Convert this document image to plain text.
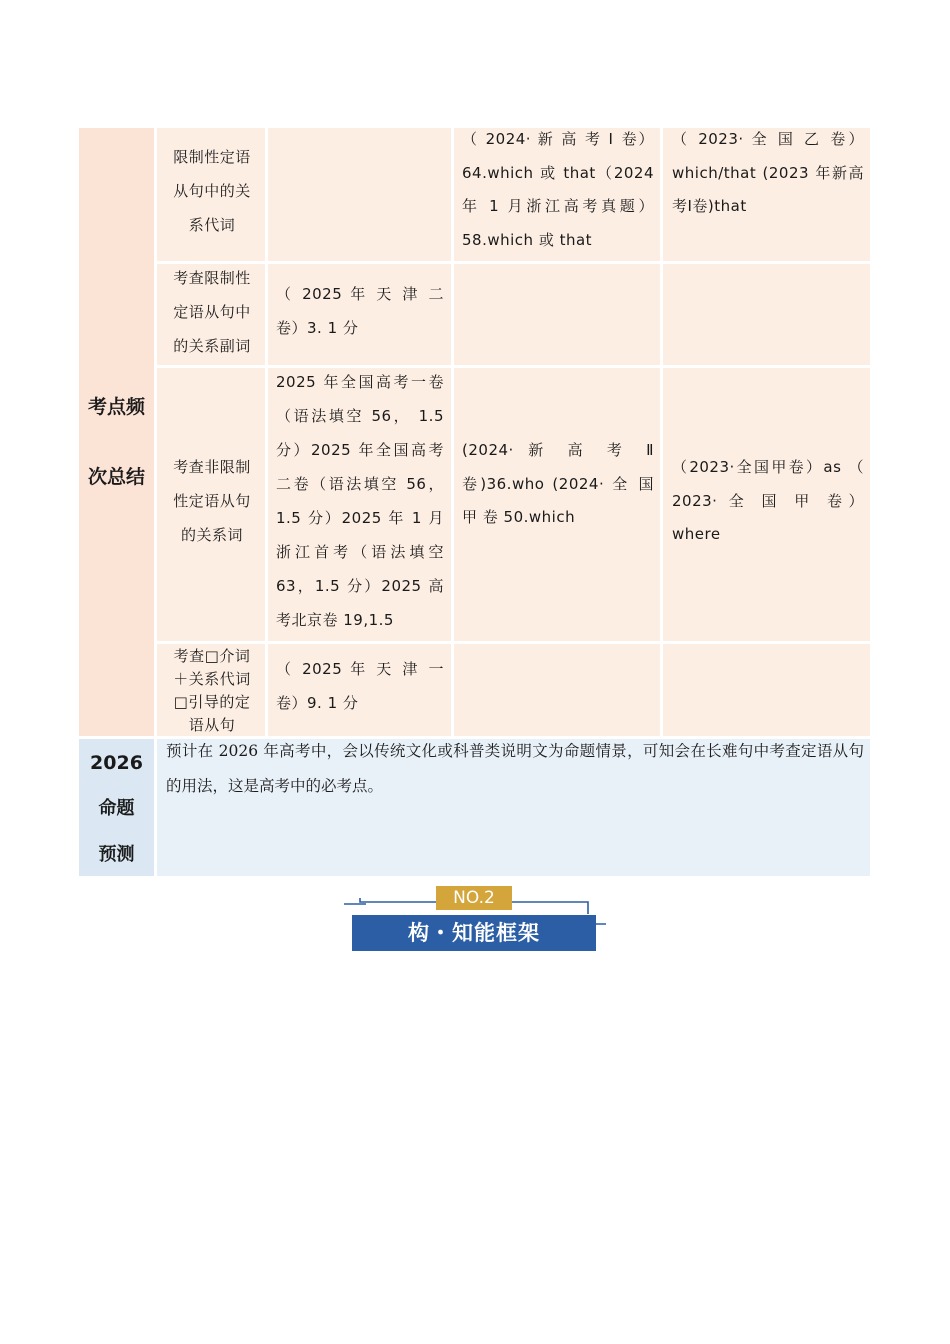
考点频
次总结
限制性定语从句中的关系代词
（ 2024· 新 高 考 Ⅰ 卷）64.which 或 that（2024 年 1 月浙江高考真题）58.which 或 that
（ 2023· 全 国 乙 卷）which/that (2023 年新高考Ⅰ卷)that
考查限制性定语从句中的关系副词
（ 2025 年 天 津 二 卷）3. 1 分
考查非限制性定语从句的关系词
2025 年全国高考一卷（语法填空 56， 1.5 分）2025 年全国高考二卷（语法填空 56，1.5 分）2025 年 1 月浙江首考（语法填空 63，1.5 分）2025 高考北京卷 19,1.5
(2024· 新 高 考 Ⅱ 卷)36.who (2024· 全 国 甲 卷 50.which
（2023·全国甲卷）as （ 2023· 全 国 甲 卷）where
考查□介词＋关系代词□引导的定语从句
（ 2025 年 天 津 一 卷）9. 1 分
2026
命题
预测
预计在 2026 年高考中，会以传统文化或科普类说明文为命题情景，可知会在长难句中考查定语从句的用法，这是高考中的必考点。
NO.2
构・知能框架
